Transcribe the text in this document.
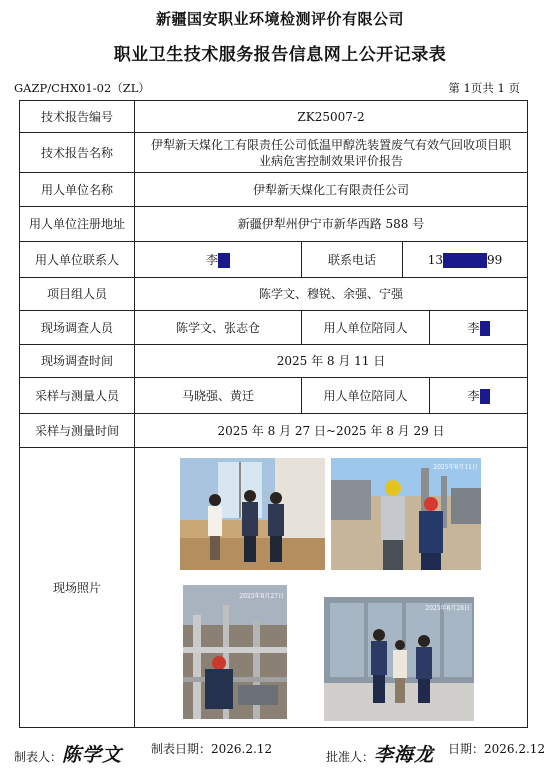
新疆国安职业环境检测评价有限公司
职业卫生技术服务报告信息网上公开记录表
GAZP/CHX01-02（ZL）	第 1页共 1 页
技术报告编号	ZK25007-2			
技术报告名称	伊犁新天煤化工有限责任公司低温甲醇洗装置废气有效气回收项目职业病危害控制效果评价报告			
用人单位名称	伊犁新天煤化工有限责任公司			
用人单位注册地址	新疆伊犁州伊宁市新华西路 588 号			
用人单位联系人	李	联系电话	13 99	
项目组人员	陈学文、穆锐、余强、宁强			
现场调查人员	陈学文、张志仓	用人单位陪同人		李
现场调查时间	2025 年 8 月 11 日			
采样与测量人员	马晓强、黄迁	用人单位陪同人		李
采样与测量时间	2025 年 8 月 27 日~2025 年 8 月 29 日			
现场照片	2025年8月11日
2025年8月27日
2025年8月28日			
制表人：陈学文 制表日期：2026.2.12
批准人：李海龙 日期：2026.2.12
